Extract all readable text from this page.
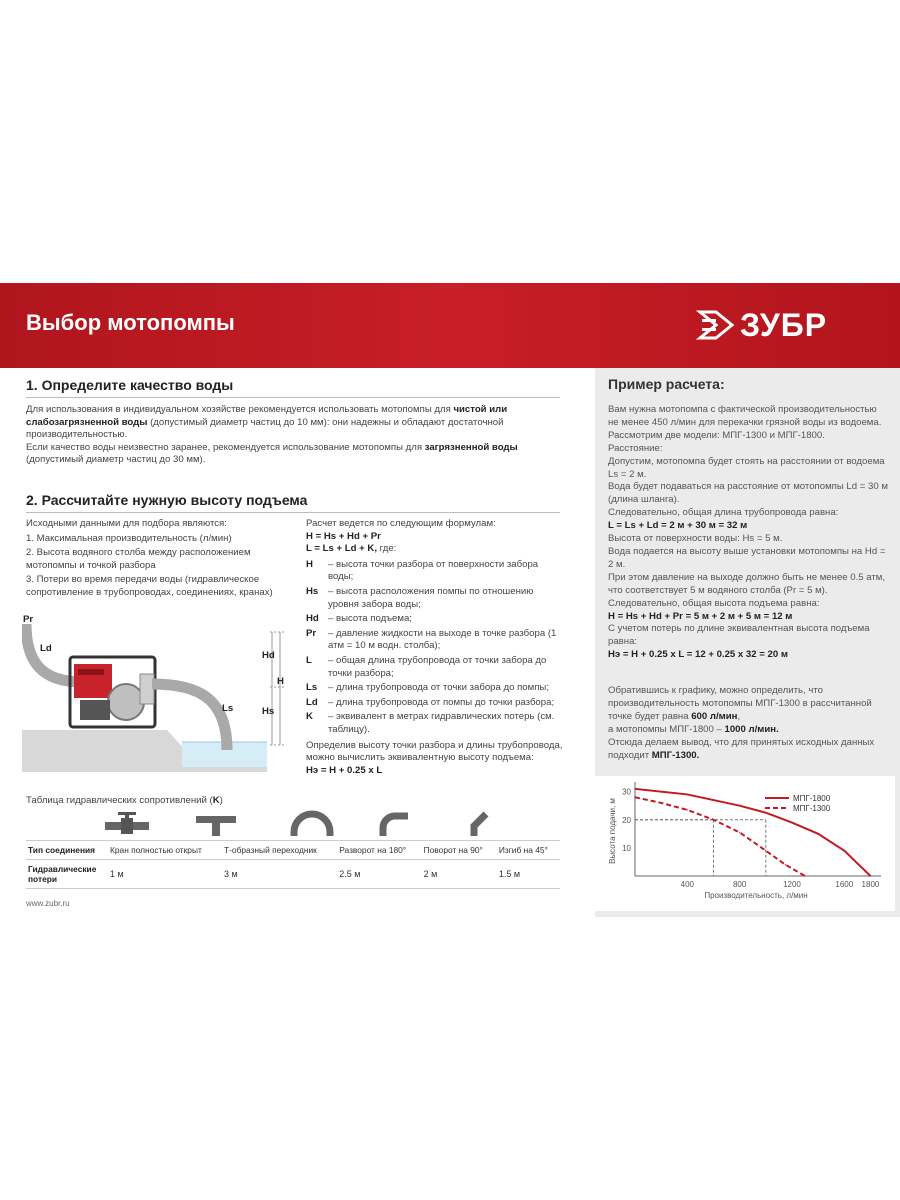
Выбор мотопомпы	ЗУБР
1. Определите качество воды
Для использования в индивидуальном хозяйстве рекомендуется использовать мотопомпы для чистой или слабозагрязненной воды (допустимый диаметр частиц до 10 мм): они надежны и обладают достаточной производительностью.
Если качество воды неизвестно заранее, рекомендуется использование мотопомпы для загрязненной воды (допустимый диаметр частиц до 30 мм).
2. Рассчитайте нужную высоту подъема
Исходными данными для подбора являются:
1. Максимальная производительность (л/мин)
2. Высота водяного столба между расположением мотопомпы и точкой разбора
3. Потери во время передачи воды (гидравлическое сопротивление в трубопроводах, соединениях, кранах)
Pr
Ld
Hd
H
Hs
Ls
Расчет ведется по следующим формулам:
H = Hs + Hd + Pr
L = Ls + Ld + K, где:
H	– высота точки разбора от поверхности забора воды;
Hs	– высота расположения помпы по отношению уровня забора воды;
Hd – высота подъема;
Pr	– давление жидкости на выходе в точке разбора (1 атм = 10 м водн. столба);
L	– общая длина трубопровода от точки забора до точки разбора;
Ls	– длина трубопровода от точки забора до помпы;
Ld	– длина трубопровода от помпы до точки разбора;
K	– эквивалент в метрах гидравлических потерь (см. таблицу).
Определив высоту точки разбора и длины трубопровода, можно вычислить эквивалентную высоту подъема:
Hэ = H + 0.25 x L
Таблица гидравлических сопротивлений (K)
Тип соединения	Кран полностью открыт	Т-образный переходник	Разворот на 180°	Поворот на 90°	Изгиб на 45°
Гидравлические потери	1 м	3 м	2.5 м	2 м	1.5 м
www.zubr.ru
Пример расчета:
Вам нужна мотопомпа с фактической производительностью не менее 450 л/мин для перекачки грязной воды из водоема.
Рассмотрим две модели: МПГ-1300 и МПГ-1800.
Расстояние:
Допустим, мотопомпа будет стоять на расстоянии от водоема Ls = 2 м.
Вода будет подаваться на расстояние от мотопомпы Ld = 30 м (длина шланга).
Следовательно, общая длина трубопровода равна:
L = Ls + Ld = 2 м + 30 м = 32 м
Высота от поверхности воды: Hs = 5 м.
Вода подается на высоту выше установки мотопомпы на Hd = 2 м.
При этом давление на выходе должно быть не менее 0.5 атм, что соответствует 5 м водяного столба (Pr = 5 м).
Следовательно, общая высота подъема равна:
H = Hs + Hd + Pr = 5 м + 2 м + 5 м = 12 м
С учетом потерь по длине эквивалентная высота подъема равна:
Hэ = H + 0.25 x L = 12 + 0.25 x 32 = 20 м
Обратившись к графику, можно определить, что производительность мотопомпы МПГ-1300 в рассчитанной точке будет равна 600 л/мин,
а мотопомпы МПГ-1800 – 1000 л/мин.
Отсюда делаем вывод, что для принятых исходных данных подходит МПГ-1300.
10
20
30
400	800	1200	1600 1800
Высота подачи, м
Производительность, л/мин
МПГ-1800
МПГ-1300
